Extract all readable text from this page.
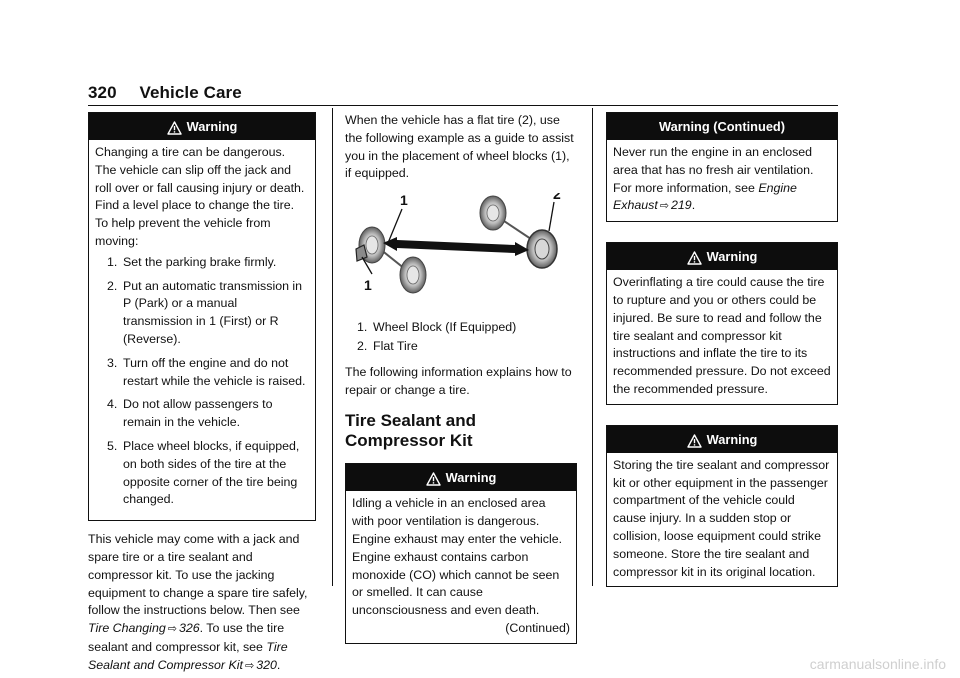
320 Vehicle Care
Warning

Changing a tire can be dangerous. The vehicle can slip off the jack and roll over or fall causing injury or death. Find a level place to change the tire. To help prevent the vehicle from moving:

1. Set the parking brake firmly.
2. Put an automatic transmission in P (Park) or a manual transmission in 1 (First) or R (Reverse).
3. Turn off the engine and do not restart while the vehicle is raised.
4. Do not allow passengers to remain in the vehicle.
5. Place wheel blocks, if equipped, on both sides of the tire at the opposite corner of the tire being changed.

This vehicle may come with a jack and spare tire or a tire sealant and compressor kit. To use the jacking equipment to change a spare tire safely, follow the instructions below. Then see Tire Changing ⇨ 326. To use the tire sealant and compressor kit, see Tire Sealant and Compressor Kit ⇨ 320.

When the vehicle has a flat tire (2), use the following example as a guide to assist you in the placement of wheel blocks (1), if equipped.

1
1
2
1. Wheel Block (If Equipped)
2. Flat Tire

The following information explains how to repair or change a tire.

Tire Sealant and Compressor Kit
Warning

Idling a vehicle in an enclosed area with poor ventilation is dangerous. Engine exhaust may enter the vehicle. Engine exhaust contains carbon monoxide (CO) which cannot be seen or smelled. It can cause unconsciousness and even death.

(Continued)

Warning (Continued)

Never run the engine in an enclosed area that has no fresh air ventilation. For more information, see Engine Exhaust ⇨ 219.

Warning

Overinflating a tire could cause the tire to rupture and you or others could be injured. Be sure to read and follow the tire sealant and compressor kit instructions and inflate the tire to its recommended pressure. Do not exceed the recommended pressure.

Warning

Storing the tire sealant and compressor kit or other equipment in the passenger compartment of the vehicle could cause injury. In a sudden stop or collision, loose equipment could strike someone. Store the tire sealant and compressor kit in its original location.

carmanualsonline.info
